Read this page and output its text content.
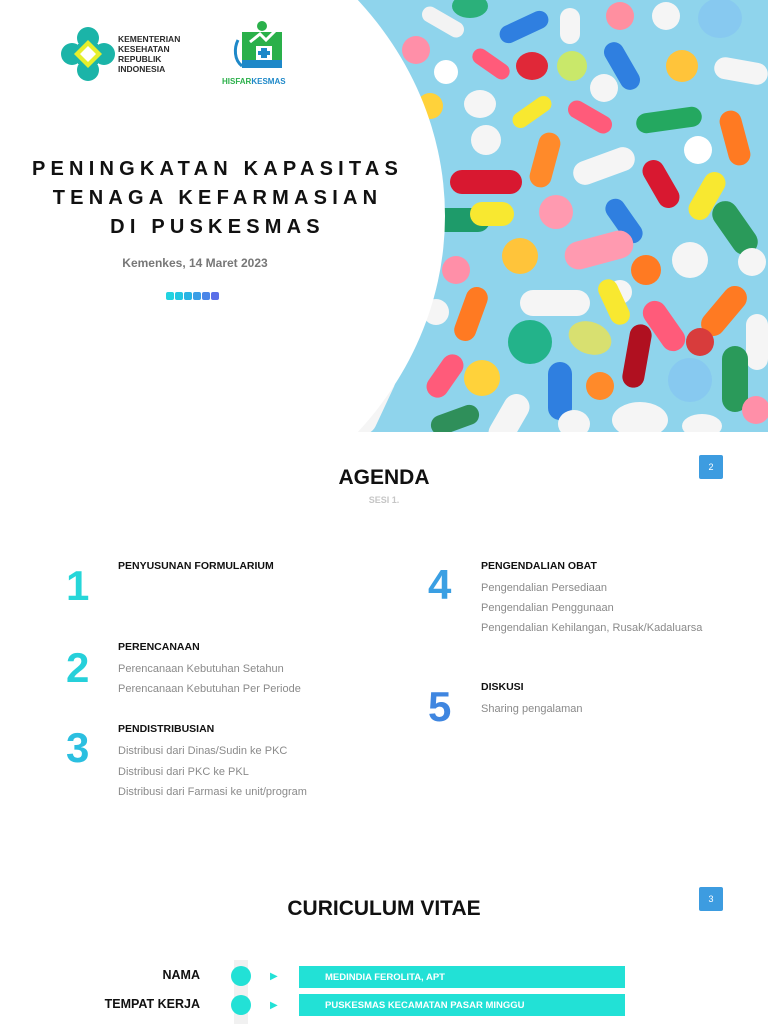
KEMENTERIAN
KESEHATAN
REPUBLIK
INDONESIA
HISFARKESMAS
PENINGKATAN KAPASITAS
TENAGA KEFARMASIAN
DI PUSKESMAS
Kemenkes, 14 Maret 2023
AGENDA
SESI 1.
2
1	PENYUSUNAN FORMULARIUM
2	PERENCANAAN
Perencanaan Kebutuhan Setahun
Perencanaan Kebutuhan Per Periode
3	PENDISTRIBUSIAN
Distribusi dari Dinas/Sudin ke PKC
Distribusi dari PKC ke PKL
Distribusi dari Farmasi ke unit/program
4	PENGENDALIAN OBAT
Pengendalian Persediaan
Pengendalian Penggunaan
Pengendalian Kehilangan, Rusak/Kadaluarsa
5	DISKUSI
Sharing pengalaman
CURICULUM VITAE	3
NAMA	▶	MEDINDIA FEROLITA, APT
TEMPAT KERJA	▶	PUSKESMAS KECAMATAN PASAR MINGGU
